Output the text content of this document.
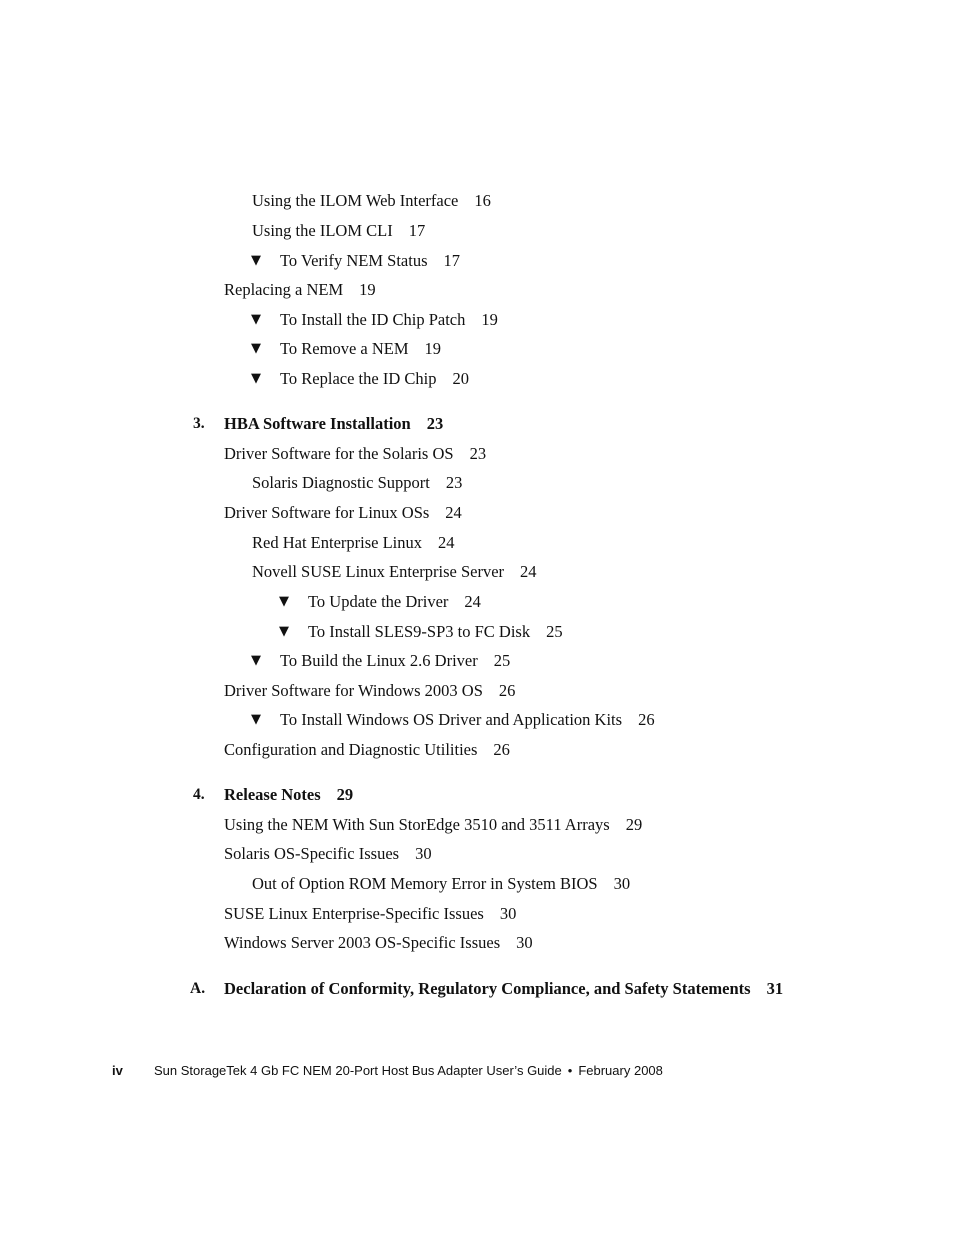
Using the ILOM Web Interface 16
Using the ILOM CLI 17
▼ To Verify NEM Status 17
Replacing a NEM 19
▼ To Install the ID Chip Patch 19
▼ To Remove a NEM 19
▼ To Replace the ID Chip 20
3. HBA Software Installation 23
Driver Software for the Solaris OS 23
Solaris Diagnostic Support 23
Driver Software for Linux OSs 24
Red Hat Enterprise Linux 24
Novell SUSE Linux Enterprise Server 24
▼ To Update the Driver 24
▼ To Install SLES9-SP3 to FC Disk 25
▼ To Build the Linux 2.6 Driver 25
Driver Software for Windows 2003 OS 26
▼ To Install Windows OS Driver and Application Kits 26
Configuration and Diagnostic Utilities 26
4. Release Notes 29
Using the NEM With Sun StorEdge 3510 and 3511 Arrays 29
Solaris OS-Specific Issues 30
Out of Option ROM Memory Error in System BIOS 30
SUSE Linux Enterprise-Specific Issues 30
Windows Server 2003 OS-Specific Issues 30
A. Declaration of Conformity, Regulatory Compliance, and Safety Statements 31
iv Sun StorageTek 4 Gb FC NEM 20-Port Host Bus Adapter User’s Guide • February 2008
